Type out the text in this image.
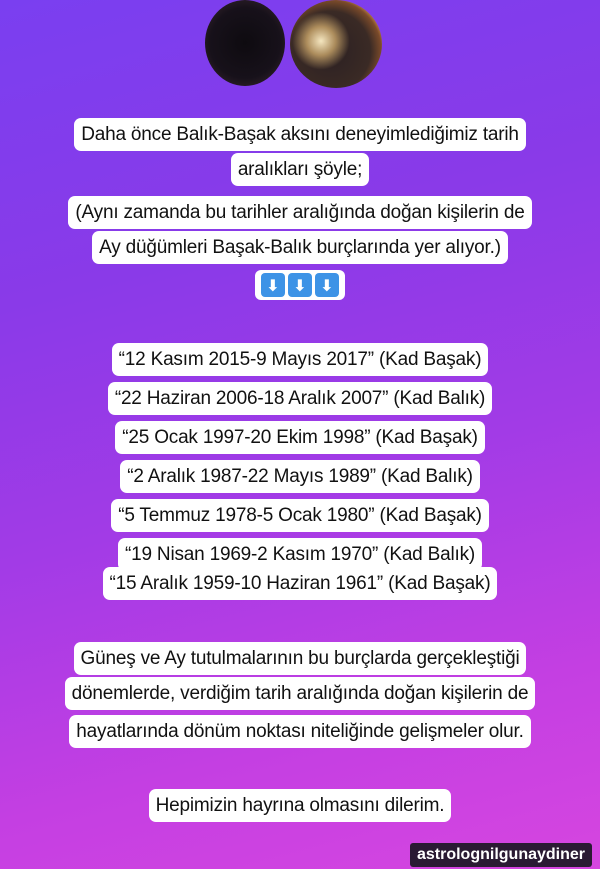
Daha önce Balık-Başak aksını deneyimlediğimiz tarih
aralıkları şöyle;
(Aynı zamanda bu tarihler aralığında doğan kişilerin de
Ay düğümleri Başak-Balık burçlarında yer alıyor.)
⬇ ⬇ ⬇
“12 Kasım 2015-9 Mayıs 2017” (Kad Başak)
“22 Haziran 2006-18 Aralık 2007” (Kad Balık)
“25 Ocak 1997-20 Ekim 1998” (Kad Başak)
“2 Aralık 1987-22 Mayıs 1989” (Kad Balık)
“5 Temmuz 1978-5 Ocak 1980” (Kad Başak)
“19 Nisan 1969-2 Kasım 1970” (Kad Balık)
“15 Aralık 1959-10 Haziran 1961” (Kad Başak)
Güneş ve Ay tutulmalarının bu burçlarda gerçekleştiği
dönemlerde, verdiğim tarih aralığında doğan kişilerin de
hayatlarında dönüm noktası niteliğinde gelişmeler olur.
Hepimizin hayrına olmasını dilerim.
astrolognilgunaydiner
